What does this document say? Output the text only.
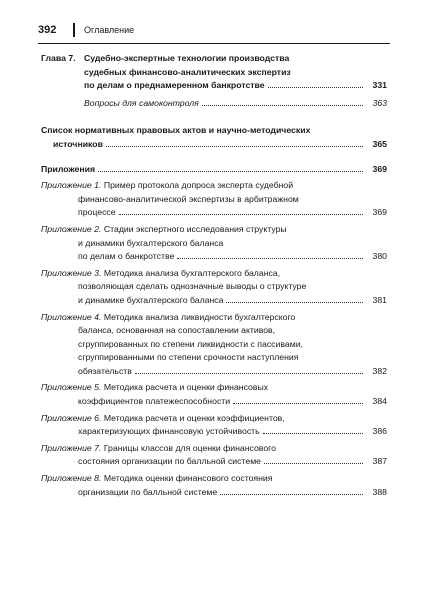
392	Оглавление
Глава 7. Судебно-экспертные технологии производства
судебных финансово-аналитических экспертиз
по делам о преднамеренном банкротстве	331
Вопросы для самоконтроля	363
Список нормативных правовых актов и научно-методических
источников	365
Приложения	369
Приложение 1. Пример протокола допроса эксперта судебной
финансово-аналитической экспертизы в арбитражном
процессе	369
Приложение 2. Стадии экспертного исследования структуры
и динамики бухгалтерского баланса
по делам о банкротстве	380
Приложение 3. Методика анализа бухгалтерского баланса,
позволяющая сделать однозначные выводы о структуре
и динамике бухгалтерского баланса	381
Приложение 4. Методика анализа ликвидности бухгалтерского
баланса, основанная на сопоставлении активов,
сгруппированных по степени ликвидности с пассивами,
сгруппированными по степени срочности наступления
обязательств	382
Приложение 5. Методика расчета и оценки финансовых
коэффициентов платежеспособности	384
Приложение 6. Методика расчета и оценки коэффициентов,
характеризующих финансовую устойчивость	386
Приложение 7. Границы классов для оценки финансового
состояния организации по балльной системе	387
Приложение 8. Методика оценки финансового состояния
организации по балльной системе	388
